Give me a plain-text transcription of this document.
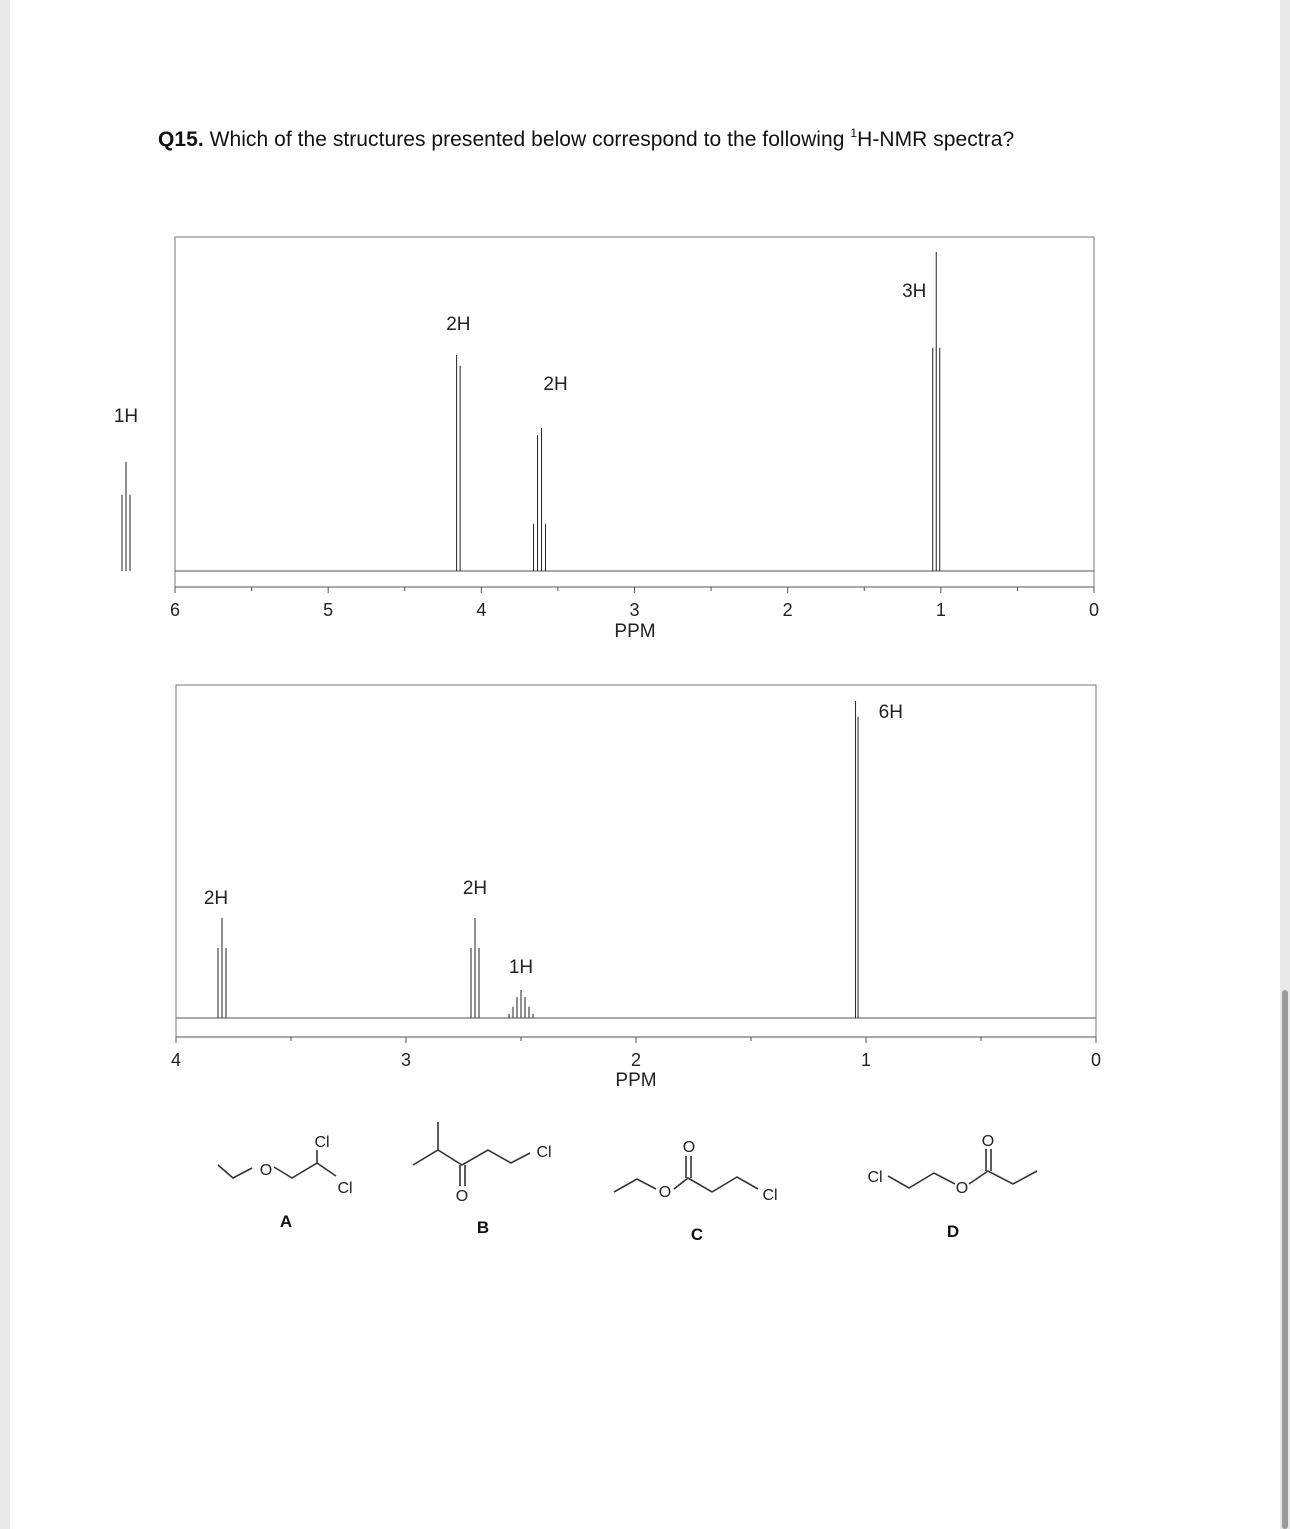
Q15. Which of the structures presented below correspond to the following $^1$H-NMR spectra?
1H
2H
2H
3H
6	5	4	3	2	1	0
PPM
2H	2H
1H
6H
4	3	2	1	0
PPM
O
Cl
Cl
A
O
Cl
B
O
O
Cl
C
Cl
O
O
D
